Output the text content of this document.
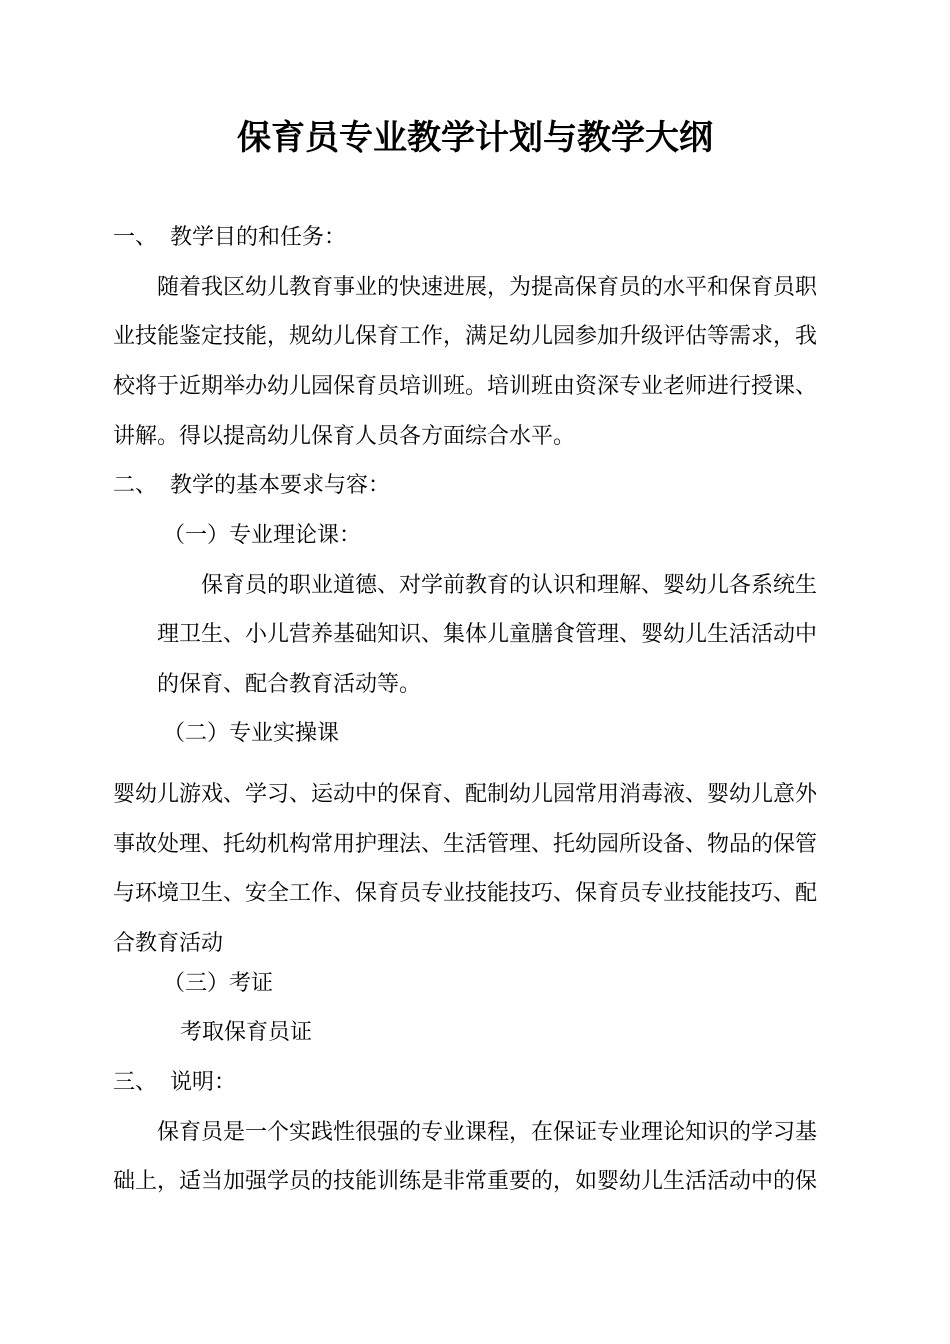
保育员专业教学计划与教学大纲
一、 教学目的和任务：
随着我区幼儿教育事业的快速进展，为提高保育员的水平和保育员职
业技能鉴定技能，规幼儿保育工作，满足幼儿园参加升级评估等需求，我
校将于近期举办幼儿园保育员培训班。培训班由资深专业老师进行授课、
讲解。得以提高幼儿保育人员各方面综合水平。
二、 教学的基本要求与容：
（一）专业理论课：
保育员的职业道德、对学前教育的认识和理解、婴幼儿各系统生
理卫生、小儿营养基础知识、集体儿童膳食管理、婴幼儿生活活动中
的保育、配合教育活动等。
（二）专业实操课
婴幼儿游戏、学习、运动中的保育、配制幼儿园常用消毒液、婴幼儿意外
事故处理、托幼机构常用护理法、生活管理、托幼园所设备、物品的保管
与环境卫生、安全工作、保育员专业技能技巧、保育员专业技能技巧、配
合教育活动
（三）考证
考取保育员证
三、 说明：
保育员是一个实践性很强的专业课程，在保证专业理论知识的学习基
础上，适当加强学员的技能训练是非常重要的，如婴幼儿生活活动中的保
